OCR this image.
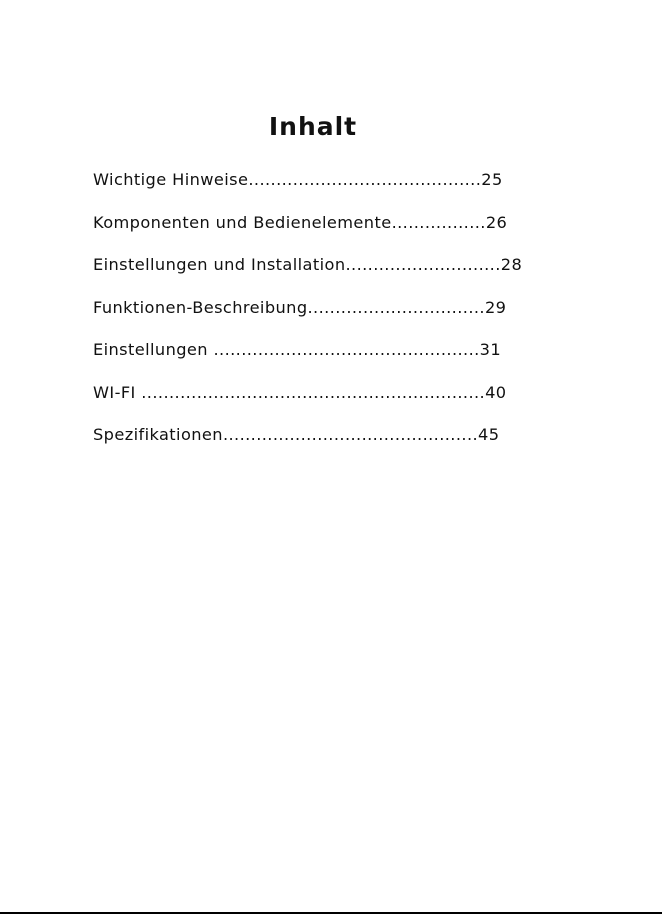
Inhalt
Wichtige Hinweise..........................................25
Komponenten und Bedienelemente.................26
Einstellungen und Installation............................28
Funktionen-Beschreibung................................29
Einstellungen ................................................31
WI-FI ..............................................................40
Spezifikationen..............................................45
